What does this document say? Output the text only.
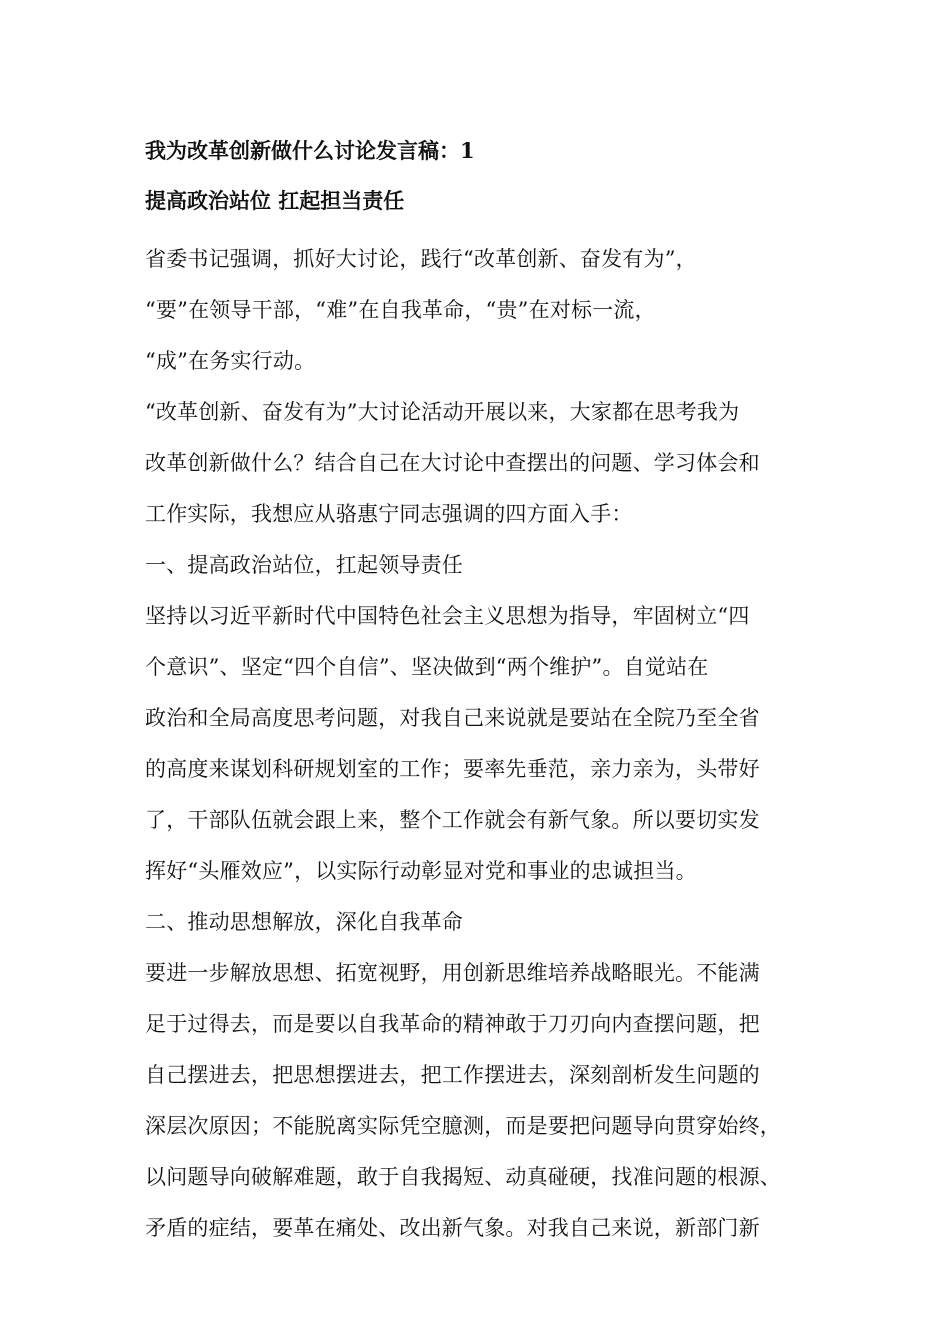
我为改革创新做什么讨论发言稿：1

提高政治站位 扛起担当责任

省委书记强调，抓好大讨论，践行“改革创新、奋发有为”，

“要”在领导干部，“难”在自我革命，“贵”在对标一流，

“成”在务实行动。

“改革创新、奋发有为”大讨论活动开展以来，大家都在思考我为

改革创新做什么？结合自己在大讨论中查摆出的问题、学习体会和

工作实际，我想应从骆惠宁同志强调的四方面入手：

一、提高政治站位，扛起领导责任

坚持以习近平新时代中国特色社会主义思想为指导，牢固树立“四

个意识”、坚定“四个自信”、坚决做到“两个维护”。自觉站在

政治和全局高度思考问题，对我自己来说就是要站在全院乃至全省

的高度来谋划科研规划室的工作；要率先垂范，亲力亲为，头带好

了，干部队伍就会跟上来，整个工作就会有新气象。所以要切实发

挥好“头雁效应”，以实际行动彰显对党和事业的忠诚担当。

二、推动思想解放，深化自我革命

要进一步解放思想、拓宽视野，用创新思维培养战略眼光。不能满

足于过得去，而是要以自我革命的精神敢于刀刃向内查摆问题，把

自己摆进去，把思想摆进去，把工作摆进去，深刻剖析发生问题的

深层次原因；不能脱离实际凭空臆测，而是要把问题导向贯穿始终，

以问题导向破解难题，敢于自我揭短、动真碰硬，找准问题的根源、

矛盾的症结，要革在痛处、改出新气象。对我自己来说，新部门新
